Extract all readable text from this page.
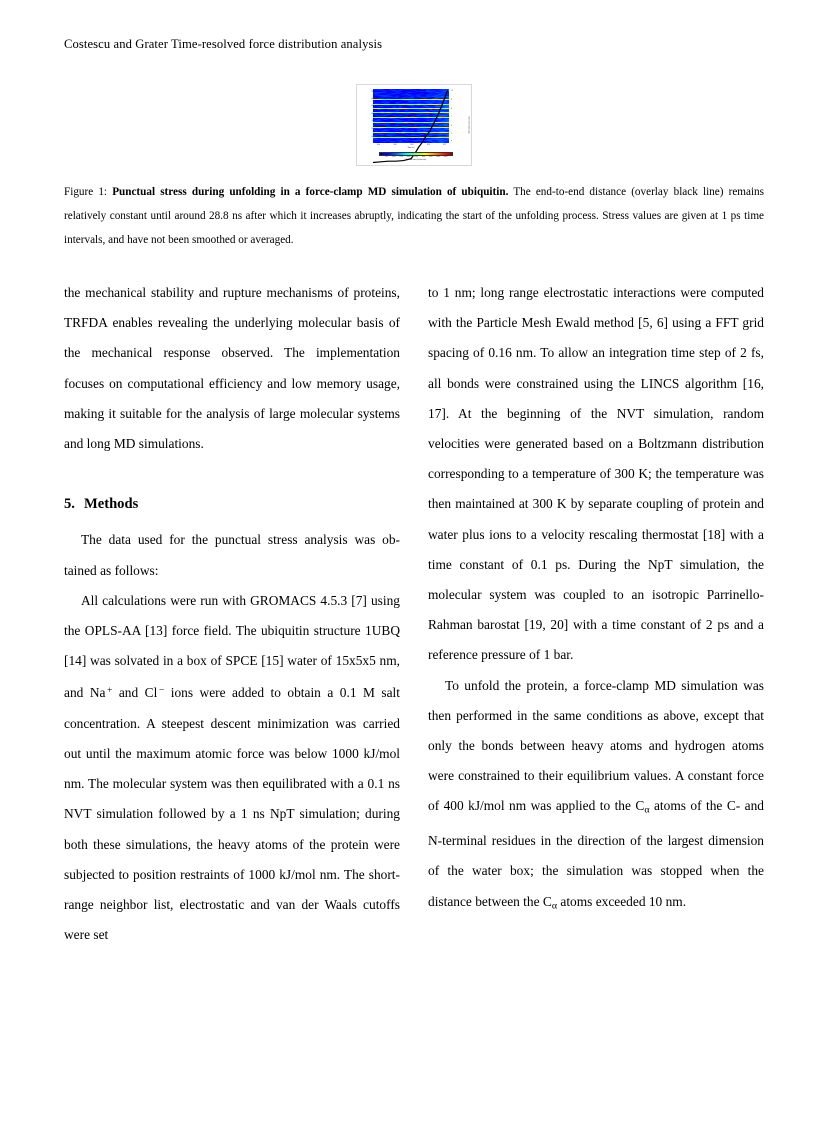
Costescu and Grater Time-resolved force distribution analysis
10
9
8
7
6
5
4
End-to-end distance (nm)
28.4	28.6	28.8	29.0	29.2
Time (ns)
500 1000 1500 2000 2500 3000 3500 4000 4500
Punctual stress (kJ/mol nm)
Figure 1: Punctual stress during unfolding in a force-clamp MD simulation of ubiquitin. The end-to-end distance (overlay black line) remains relatively constant until around 28.8 ns after which it increases abruptly, indicating the start of the unfolding process. Stress values are given at 1 ps time intervals, and have not been smoothed or averaged.

the mechanical stability and rupture mechanisms of proteins, TRFDA enables revealing the underlying molecular basis of the mechanical response observed. The implementation focuses on computational efficiency and low memory usage, making it suitable for the analysis of large molecular systems and long MD simulations.

5. Methods

The data used for the punctual stress analysis was ob- tained as follows:

All calculations were run with GROMACS 4.5.3 [7] using the OPLS-AA [13] force field. The ubiquitin structure 1UBQ [14] was solvated in a box of SPCE [15] water of 15x5x5 nm, and Na + and Cl − ions were added to obtain a 0.1 M salt concentration. A steepest descent minimization was carried out until the maximum atomic force was below 1000 kJ/mol nm. The molecular system was then equilibrated with a 0.1 ns NVT simulation followed by a 1 ns NpT simulation; during both these simulations, the heavy atoms of the protein were subjected to position restraints of 1000 kJ/mol nm. The short-range neighbor list, electrostatic and van der Waals cutoffs were set

to 1 nm; long range electrostatic interactions were computed with the Particle Mesh Ewald method [5, 6] using a FFT grid spacing of 0.16 nm. To allow an integration time step of 2 fs, all bonds were constrained using the LINCS algorithm [16, 17]. At the beginning of the NVT simulation, random velocities were generated based on a Boltzmann distribution corresponding to a temperature of 300 K; the temperature was then maintained at 300 K by separate coupling of protein and water plus ions to a velocity rescaling thermostat [18] with a time constant of 0.1 ps. During the NpT simulation, the molecular system was coupled to an isotropic Parrinello-Rahman barostat [19, 20] with a time constant of 2 ps and a reference pressure of 1 bar.

To unfold the protein, a force-clamp MD simulation was then performed in the same conditions as above, except that only the bonds between heavy atoms and hydrogen atoms were constrained to their equilibrium values. A constant force of 400 kJ/mol nm was applied to the $C_\alpha$ atoms of the C- and N-terminal residues in the direction of the largest dimension of the water box; the simulation was stopped when the distance between the $C_\alpha$ atoms exceeded 10 nm.
